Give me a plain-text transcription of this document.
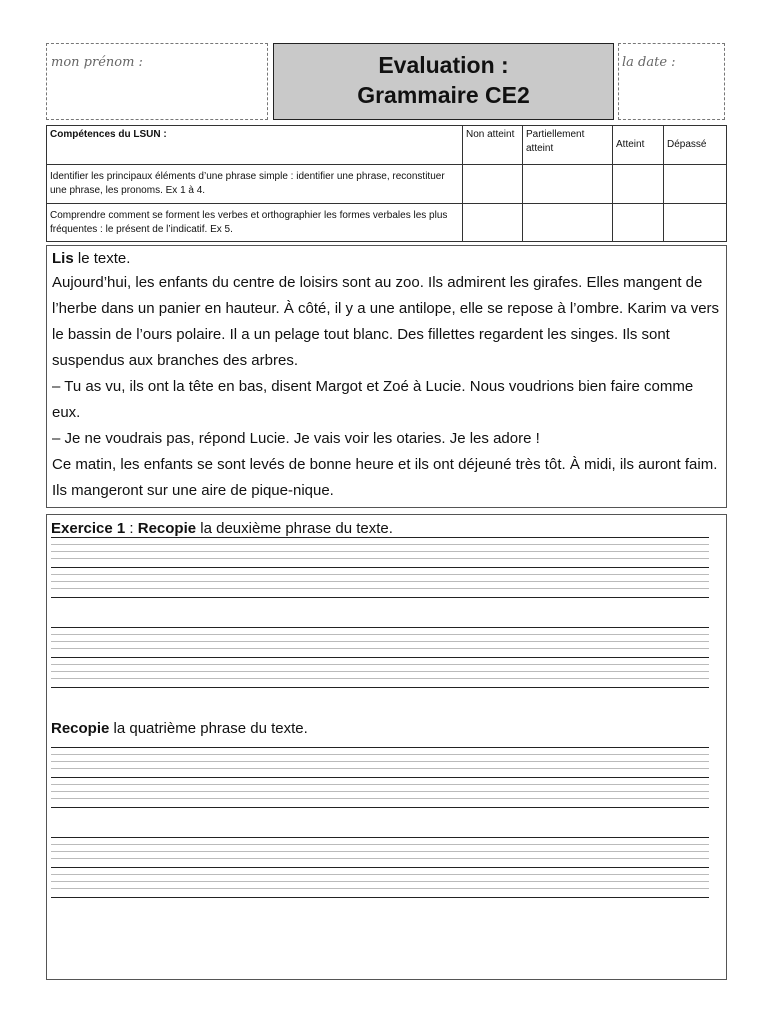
mon prénom :	Evaluation :
Grammaire CE2
la date :
Compétences du LSUN :	Non atteint	Partiellement atteint	Atteint	Dépassé
Identifier les principaux éléments d’une phrase simple : identifier une phrase, reconstituer une phrase, les pronoms. Ex 1 à 4.				
Comprendre comment se forment les verbes et orthographier les formes verbales les plus fréquentes : le présent de l’indicatif. Ex 5.				
Lis le texte.

Aujourd’hui, les enfants du centre de loisirs sont au zoo. Ils admirent les girafes. Elles mangent de l’herbe dans un panier en hauteur. À côté, il y a une antilope, elle se repose à l’ombre. Karim va vers le bassin de l’ours polaire. Il a un pelage tout blanc. Des fillettes regardent les singes. Ils sont suspendus aux branches des arbres.

– Tu as vu, ils ont la tête en bas, disent Margot et Zoé à Lucie. Nous voudrions bien faire comme eux.

– Je ne voudrais pas, répond Lucie. Je vais voir les otaries. Je les adore !

Ce matin, les enfants se sont levés de bonne heure et ils ont déjeuné très tôt. À midi, ils auront faim. Ils mangeront sur une aire de pique-nique.

Exercice 1 : Recopie la deuxième phrase du texte.
Recopie la quatrième phrase du texte.
